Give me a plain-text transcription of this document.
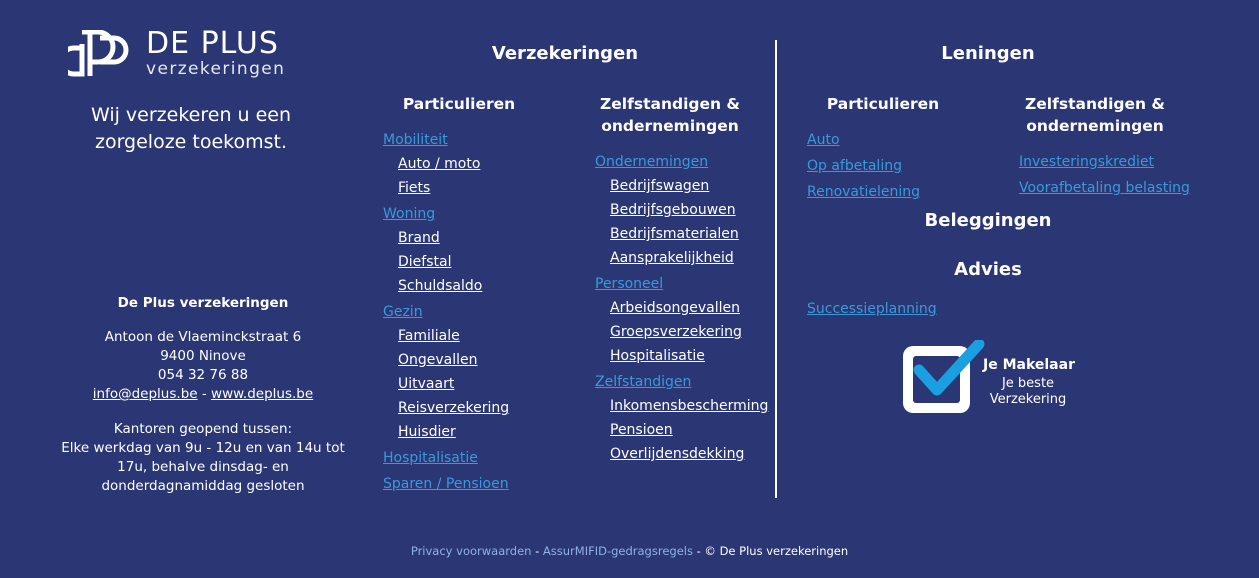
DE PLUS
verzekeringen
Wij verzekeren u een zorgeloze toekomst.
De Plus verzekeringen
Antoon de Vlaeminckstraat 6
9400 Ninove
054 32 76 88
info@deplus.be - www.deplus.be
Kantoren geopend tussen:
Elke werkdag van 9u - 12u en van 14u tot 17u, behalve dinsdag- en donderdagnamiddag gesloten
Verzekeringen
Particulieren
Mobiliteit
Auto / moto
Fiets
Woning
Brand
Diefstal
Schuldsaldo
Gezin
Familiale
Ongevallen
Uitvaart
Reisverzekering
Huisdier
Hospitalisatie
Sparen / Pensioen
Zelfstandigen &
ondernemingen
Ondernemingen
Bedrijfswagen
Bedrijfsgebouwen
Bedrijfsmaterialen
Aansprakelijkheid
Personeel
Arbeidsongevallen
Groepsverzekering
Hospitalisatie
Zelfstandigen
Inkomensbescherming
Pensioen
Overlijdensdekking
Leningen
Particulieren
Auto
Op afbetaling
Renovatielening
Zelfstandigen &
ondernemingen
Investeringskrediet
Voorafbetaling belasting
Beleggingen
Advies
Successieplanning
Je Makelaar
Je beste
Verzekering
Privacy voorwaarden - AssurMIFID-gedragsregels - © De Plus verzekeringen
